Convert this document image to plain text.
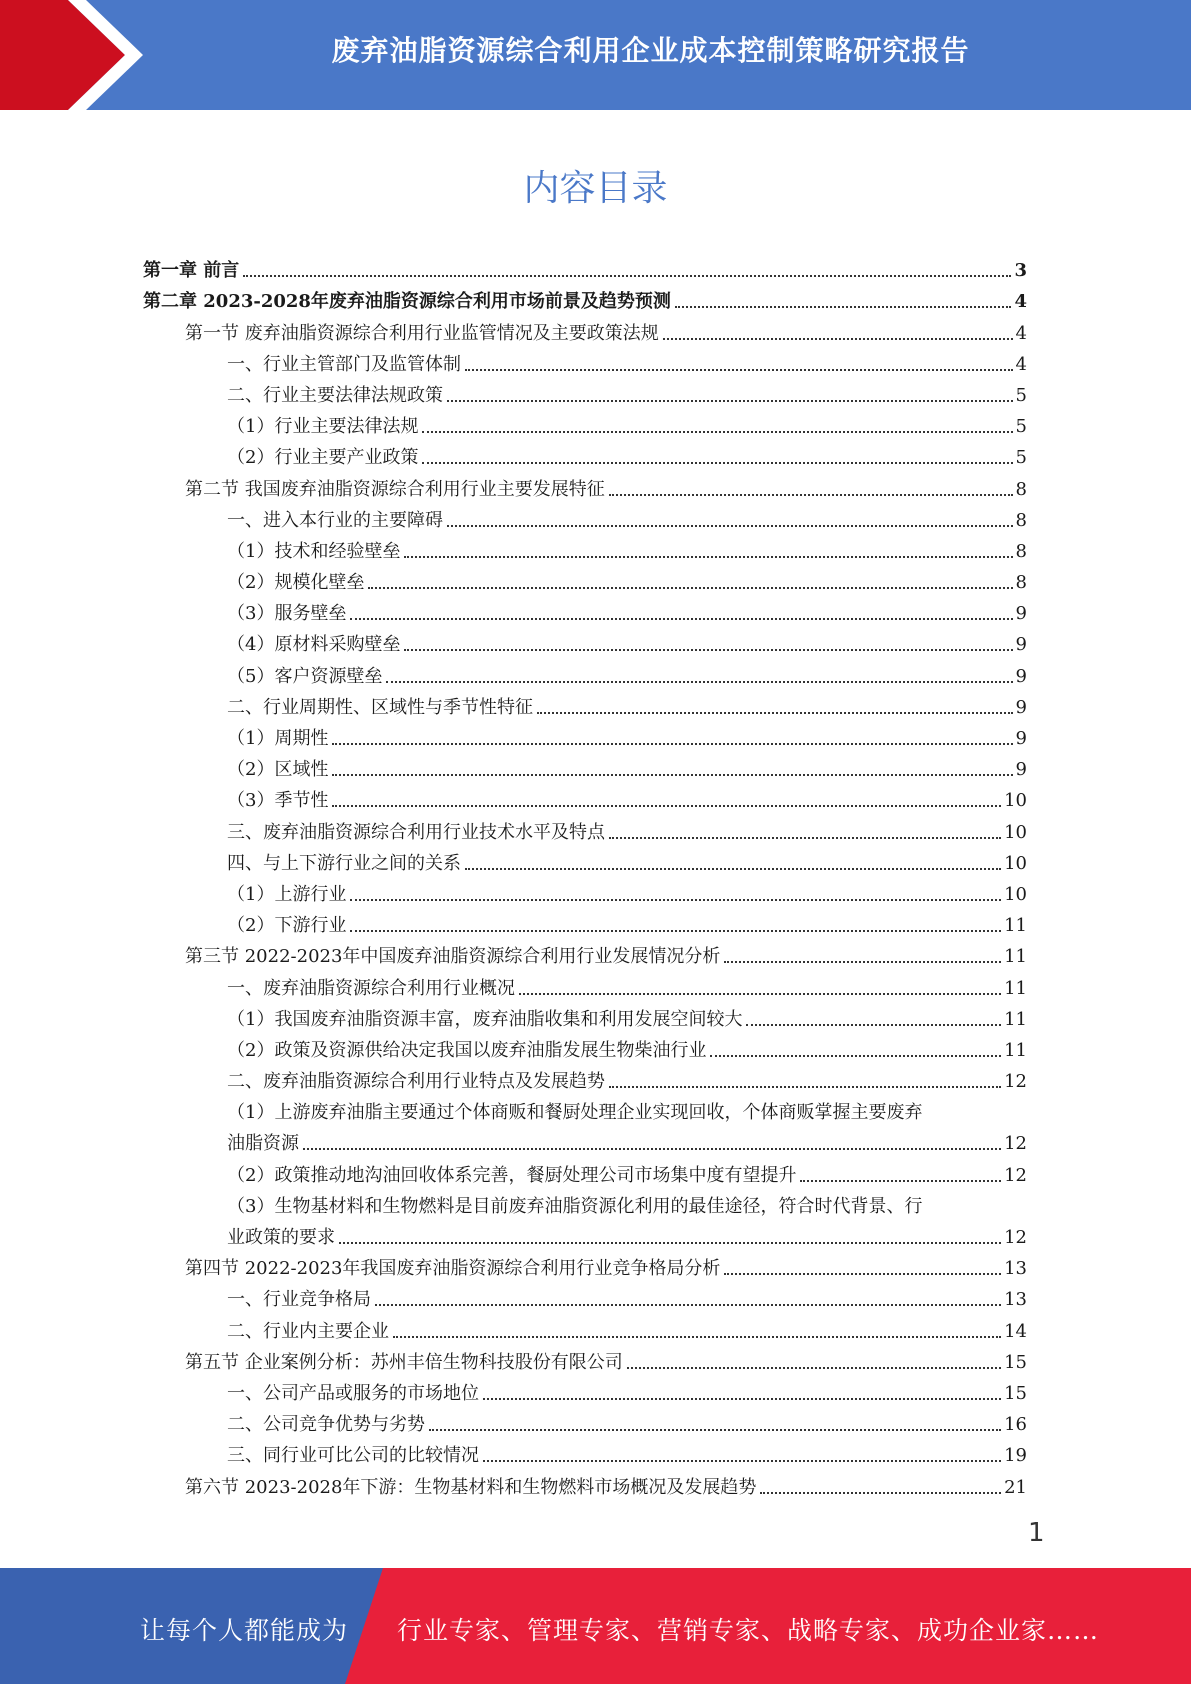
废弃油脂资源综合利用企业成本控制策略研究报告
内容目录
第一章 前言	3
第二章 2023-2028年废弃油脂资源综合利用市场前景及趋势预测	4
第一节 废弃油脂资源综合利用行业监管情况及主要政策法规	4
一、行业主管部门及监管体制	4
二、行业主要法律法规政策	5
（1）行业主要法律法规	5
（2）行业主要产业政策	5
第二节 我国废弃油脂资源综合利用行业主要发展特征	8
一、进入本行业的主要障碍	8
（1）技术和经验壁垒	8
（2）规模化壁垒	8
（3）服务壁垒	9
（4）原材料采购壁垒	9
（5）客户资源壁垒	9
二、行业周期性、区域性与季节性特征	9
（1）周期性	9
（2）区域性	9
（3）季节性	10
三、废弃油脂资源综合利用行业技术水平及特点	10
四、与上下游行业之间的关系	10
（1）上游行业	10
（2）下游行业	11
第三节 2022-2023年中国废弃油脂资源综合利用行业发展情况分析	11
一、废弃油脂资源综合利用行业概况	11
（1）我国废弃油脂资源丰富，废弃油脂收集和利用发展空间较大	11
（2）政策及资源供给决定我国以废弃油脂发展生物柴油行业	11
二、废弃油脂资源综合利用行业特点及发展趋势	12
（1）上游废弃油脂主要通过个体商贩和餐厨处理企业实现回收，个体商贩掌握主要废弃
油脂资源	12
（2）政策推动地沟油回收体系完善，餐厨处理公司市场集中度有望提升	12
（3）生物基材料和生物燃料是目前废弃油脂资源化利用的最佳途径，符合时代背景、行
业政策的要求	12
第四节 2022-2023年我国废弃油脂资源综合利用行业竞争格局分析	13
一、行业竞争格局	13
二、行业内主要企业	14
第五节 企业案例分析：苏州丰倍生物科技股份有限公司	15
一、公司产品或服务的市场地位	15
二、公司竞争优势与劣势	16
三、同行业可比公司的比较情况	19
第六节 2023-2028年下游：生物基材料和生物燃料市场概况及发展趋势	21
1
让每个人都能成为 行业专家、管理专家、营销专家、战略专家、成功企业家……
